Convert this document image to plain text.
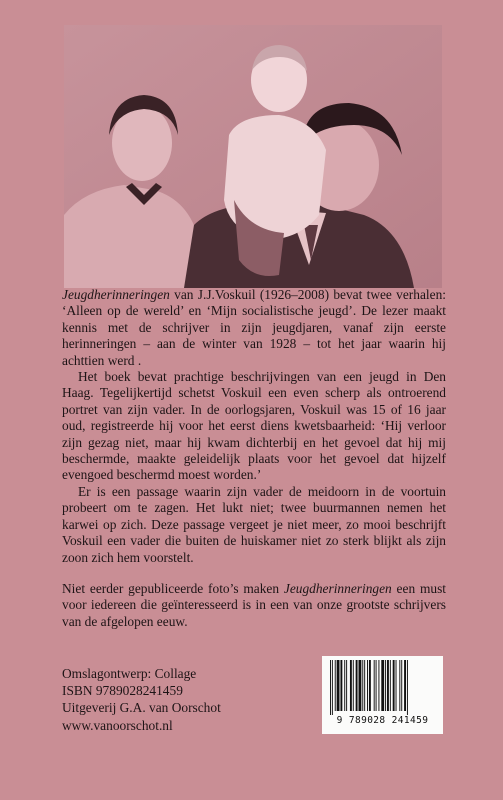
Jeugdherinneringen van J.J.Voskuil (1926–2008) bevat twee verhalen: ‘Alleen op de wereld’ en ‘Mijn socialistische jeugd’. De lezer maakt kennis met de schrijver in zijn jeugdjaren, vanaf zijn eerste herinneringen – aan de winter van 1928 – tot het jaar waarin hij achttien werd .

Het boek bevat prachtige beschrijvingen van een jeugd in Den Haag. Tegelijkertijd schetst Voskuil een even scherp als ontroerend portret van zijn vader. In de oorlogsjaren, Voskuil was 15 of 16 jaar oud, registreerde hij voor het eerst diens kwetsbaarheid: ‘Hij verloor zijn gezag niet, maar hij kwam dichterbij en het gevoel dat hij mij beschermde, maakte geleidelijk plaats voor het gevoel dat hijzelf evengoed beschermd moest worden.’

Er is een passage waarin zijn vader de meidoorn in de voortuin probeert om te zagen. Het lukt niet; twee buurmannen nemen het karwei op zich. Deze passage vergeet je niet meer, zo mooi beschrijft Voskuil een vader die buiten de huiskamer niet zo sterk blijkt als zijn zoon zich hem voorstelt.

Niet eerder gepubliceerde foto’s maken Jeugdherinneringen een must voor iedereen die geïnteresseerd is in een van onze grootste schrijvers van de afgelopen eeuw.

Omslagontwerp: Collage
ISBN 9789028241459
Uitgeverij G.A. van Oorschot
www.vanoorschot.nl	9 789028 241459
